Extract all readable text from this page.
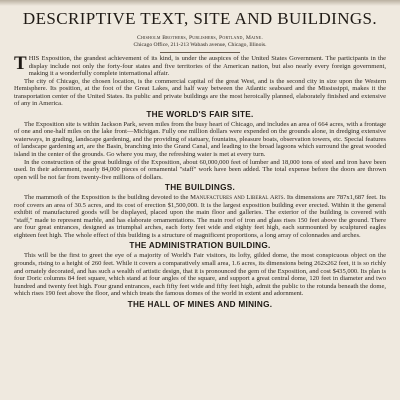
DESCRIPTIVE TEXT, SITE AND BUILDINGS.
Chisholm Brothers, Publishers, Portland, Maine.
Chicago Office, 211-213 Wabash avenue, Chicago, Illinois.

THIS Exposition, the grandest achievement of its kind, is under the auspices of the United States Government. The participants in the display include not only the forty-four states and five territories of the American nation, but also nearly every foreign government, making it a wonderfully complete international affair.

The city of Chicago, the chosen location, is the commercial capital of the great West, and is the second city in size upon the Western Hemisphere. Its position, at the foot of the Great Lakes, and half way between the Atlantic seaboard and the Mississippi, makes it the transportation center of the United States. Its public and private buildings are the most heroically planned, elaborately finished and extensive of any in America.

THE WORLD'S FAIR SITE.

The Exposition site is within Jackson Park, seven miles from the busy heart of Chicago, and includes an area of 664 acres, with a frontage of one and one-half miles on the lake front—Michigan. Fully one million dollars were expended on the grounds alone, in dredging extensive waterways, in grading, landscape gardening, and the providing of statuary, fountains, pleasure boats, observation towers, etc. Special features of landscape gardening art, are the Basin, branching into the Grand Canal, and leading to the broad lagoons which surround the great wooded island in the center of the grounds. Go where you may, the refreshing water is met at every turn.

In the construction of the great buildings of the Exposition, about 60,000,000 feet of lumber and 18,000 tons of steel and iron have been used. In their adornment, nearly 84,000 pieces of ornamental "staff" work have been added. The total expense before the doors are thrown open will be not far from twenty-five millions of dollars.

THE BUILDINGS.

The mammoth of the Exposition is the building devoted to the Manufactures and Liberal Arts. Its dimensions are 787x1,687 feet. Its roof covers an area of 30.5 acres, and its cost of erection $1,500,000. It is the largest exposition building ever erected. Within it the general exhibit of manufactured goods will be displayed, placed upon the main floor and galleries. The exterior of the building is covered with "staff," made to represent marble, and has elaborate ornamentations. The main roof of iron and glass rises 150 feet above the ground. There are four great entrances, designed as triumphal arches, each forty feet wide and eighty feet high, each surmounted by sculptured eagles eighteen feet high. The whole effect of this building is a structure of magnificent proportions, a long array of colonnades and arches.

THE ADMINISTRATION BUILDING.

This will be the first to greet the eye of a majority of World's Fair visitors, its lofty, gilded dome, the most conspicuous object on the grounds, rising to a height of 260 feet. While it covers a comparatively small area, 1.6 acres, its dimensions being 262x262 feet, it is so richly and ornately decorated, and has such a wealth of artistic design, that it is pronounced the gem of the Exposition, and cost $435,000. Its plan is four Doric columns 84 feet square, which stand at four angles of the square, and support a great central dome, 120 feet in diameter and two hundred and twenty feet high. Four grand entrances, each fifty feet wide and fifty feet high, admit the public to the rotunda beneath the dome, which rises 190 feet above the floor, and which treats the famous domes of the world in extent and adornment.

THE HALL OF MINES AND MINING.
